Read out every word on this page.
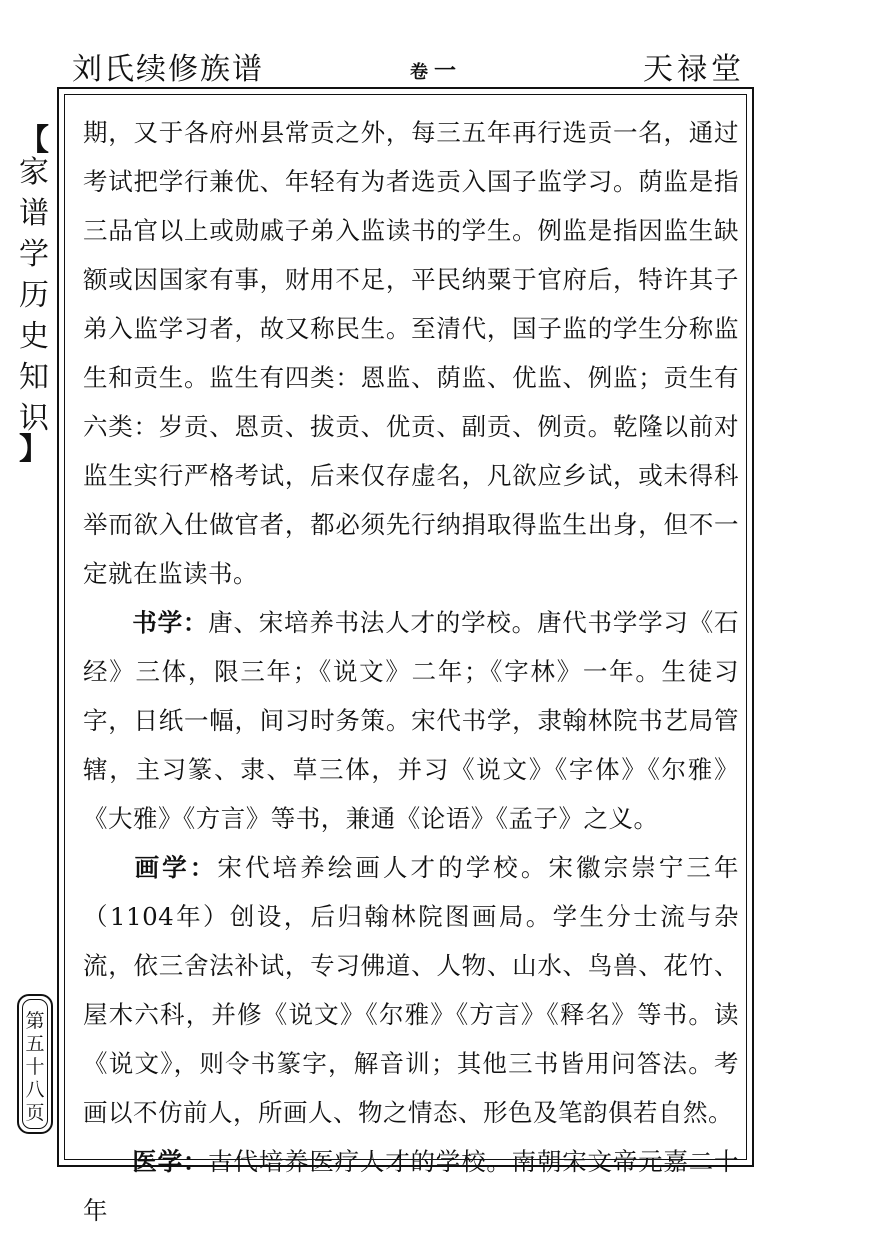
刘氏续修族谱	卷 一	天禄堂
【
家
谱
学
历
史
知
识
】
第
五
十
八
页

期，又于各府州县常贡之外，每三五年再行选贡一名，通过考试把学行兼优、年轻有为者选贡入国子监学习。荫监是指三品官以上或勋戚子弟入监读书的学生。例监是指因监生缺额或因国家有事，财用不足，平民纳粟于官府后，特许其子弟入监学习者，故又称民生。至清代，国子监的学生分称监生和贡生。监生有四类：恩监、荫监、优监、例监；贡生有六类：岁贡、恩贡、拔贡、优贡、副贡、例贡。乾隆以前对监生实行严格考试，后来仅存虚名，凡欲应乡试，或未得科举而欲入仕做官者，都必须先行纳捐取得监生出身，但不一定就在监读书。

书学：唐、宋培养书法人才的学校。唐代书学学习《石经》三体，限三年；《说文》二年；《字林》一年。生徒习字，日纸一幅，间习时务策。宋代书学，隶翰林院书艺局管辖，主习篆、隶、草三体，并习《说文》《字体》《尔雅》《大雅》《方言》等书，兼通《论语》《孟子》之义。

画学：宋代培养绘画人才的学校。宋徽宗崇宁三年（1104年）创设，后归翰林院图画局。学生分士流与杂流，依三舍法补试，专习佛道、人物、山水、鸟兽、花竹、屋木六科，并修《说文》《尔雅》《方言》《释名》等书。读《说文》，则令书篆字，解音训；其他三书皆用问答法。考画以不仿前人，所画人、物之情态、形色及笔韵俱若自然。

医学：古代培养医疗人才的学校。南朝宋文帝元嘉二十年
